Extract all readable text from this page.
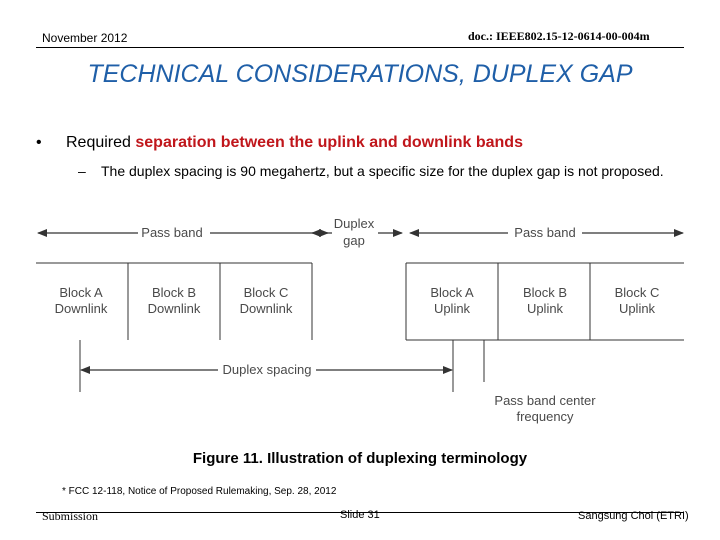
November 2012	doc.: IEEE802.15-12-0614-00-004m
TECHNICAL CONSIDERATIONS, DUPLEX GAP
• Required separation between the uplink and downlink bands
–	The duplex spacing is 90 megahertz, but a specific size for the duplex gap is not proposed.
Pass band
Duplex
gap
Pass band
Block A
Downlink
Block B
Downlink
Block C
Downlink
Block A
Uplink
Block B
Uplink
Block C
Uplink
Duplex spacing
Pass band center
frequency
Figure 11. Illustration of duplexing terminology
* FCC 12-118, Notice of Proposed Rulemaking, Sep. 28, 2012
Submission	Slide 31	Sangsung Choi (ETRI)
